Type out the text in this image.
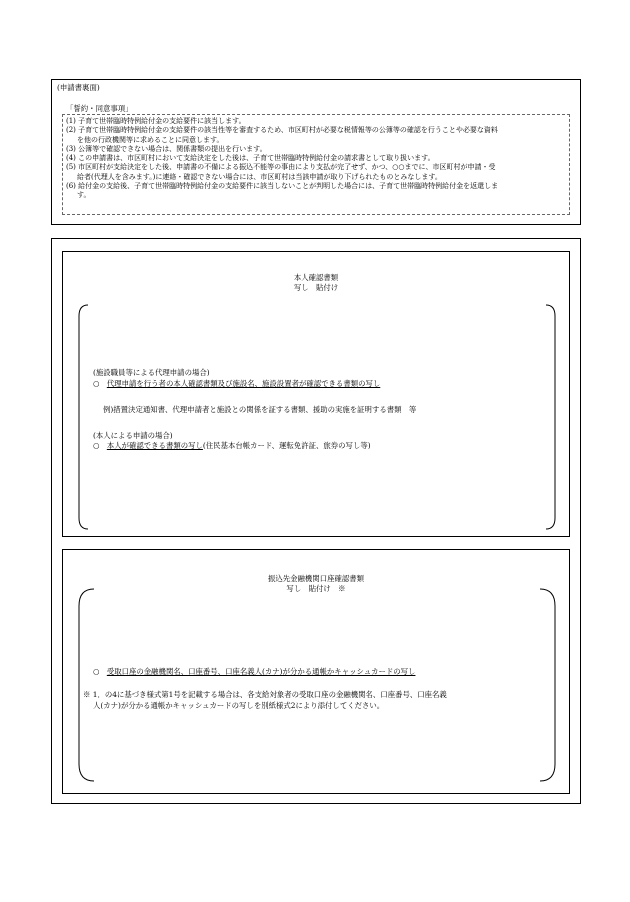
(申請書裏面)
「誓約・同意事項」
(1) 子育て世帯臨時特例給付金の支給要件に該当します。
(2) 子育て世帯臨時特例給付金の支給要件の該当性等を審査するため、市区町村が必要な税情報等の公簿等の確認を行うことや必要な資料
を他の行政機関等に求めることに同意します。
(3) 公簿等で確認できない場合は、関係書類の提出を行います。
(4) この申請書は、市区町村において支給決定をした後は、子育て世帯臨時特例給付金の請求書として取り扱います。
(5) 市区町村が支給決定をした後、申請書の不備による振込不能等の事由により支払が完了せず、かつ、○○までに、市区町村が申請・受
給者(代理人を含みます。)に連絡・確認できない場合には、市区町村は当該申請が取り下げられたものとみなします。
(6) 給付金の支給後、子育て世帯臨時特例給付金の支給要件に該当しないことが判明した場合には、子育て世帯臨時特例給付金を返還しま
す。
本人確認書類
写し　貼付け
(施設職員等による代理申請の場合)
○ 代理申請を行う者の本人確認書類及び施設名、施設設置者が確認できる書類の写し
例)措置決定通知書、代理申請者と施設との関係を証する書類、援助の実施を証明する書類　等
(本人による申請の場合)
○ 本人が確認できる書類の写し(住民基本台帳カード、運転免許証、旅券の写し等)
振込先金融機関口座確認書類
写し　貼付け　※
○ 受取口座の金融機関名、口座番号、口座名義人(カナ)が分かる通帳かキャッシュカードの写し
※ 1．の4に基づき様式第1号を記載する場合は、各支給対象者の受取口座の金融機関名、口座番号、口座名義
人(カナ)が分かる通帳かキャッシュカードの写しを別紙様式2により添付してください。
